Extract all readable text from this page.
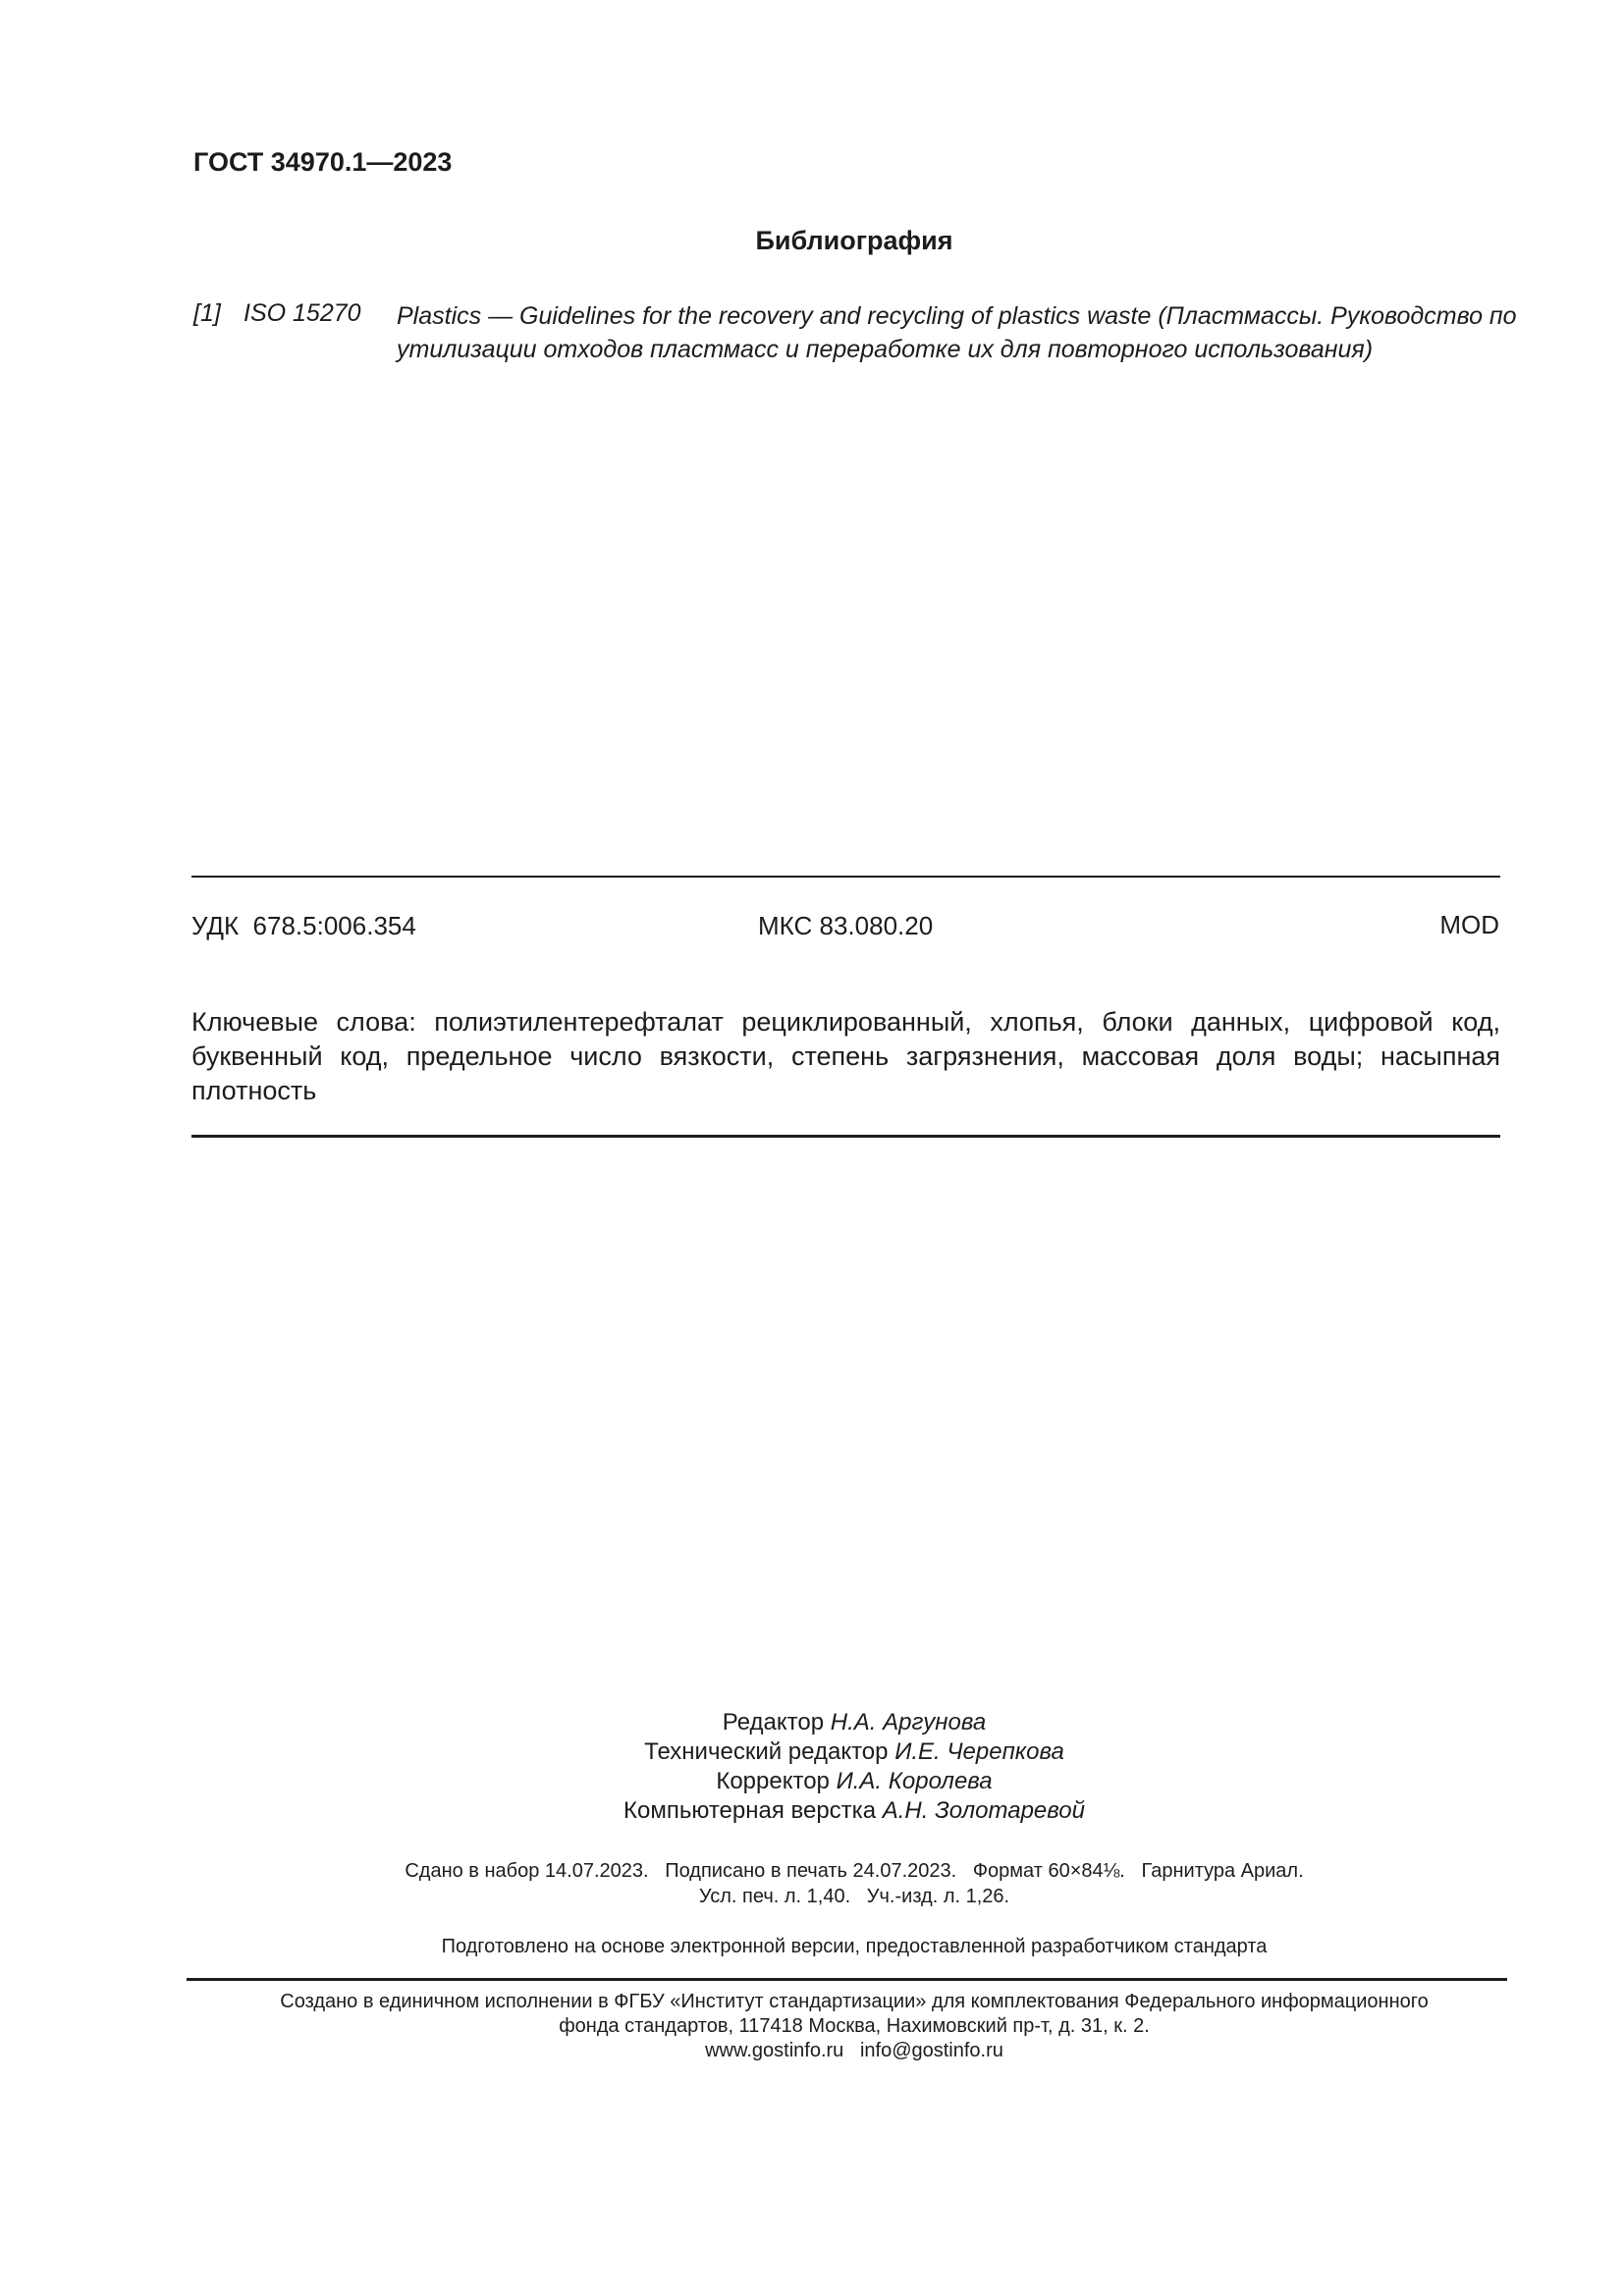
ГОСТ 34970.1—2023
Библиография
[1] ISO 15270 Plastics — Guidelines for the recovery and recycling of plastics waste (Пластмассы. Руководство по утилизации отходов пластмасс и переработке их для повторного использования)
УДК  678.5:006.354	МКС 83.080.20	MOD
Ключевые слова: полиэтилентерефталат рециклированный, хлопья, блоки данных, цифровой код, буквенный код, предельное число вязкости, степень загрязнения, массовая доля воды; насыпная плотность
Редактор Н.А. Аргунова
Технический редактор И.Е. Черепкова
Корректор И.А. Королева
Компьютерная верстка А.Н. Золотаревой
Сдано в набор 14.07.2023.   Подписано в печать 24.07.2023.   Формат 60×84⅛.   Гарнитура Ариал.
Усл. печ. л. 1,40.   Уч.-изд. л. 1,26.
Подготовлено на основе электронной версии, предоставленной разработчиком стандарта
Создано в единичном исполнении в ФГБУ «Институт стандартизации» для комплектования Федерального информационного
фонда стандартов, 117418 Москва, Нахимовский пр-т, д. 31, к. 2.
www.gostinfo.ru   info@gostinfo.ru
